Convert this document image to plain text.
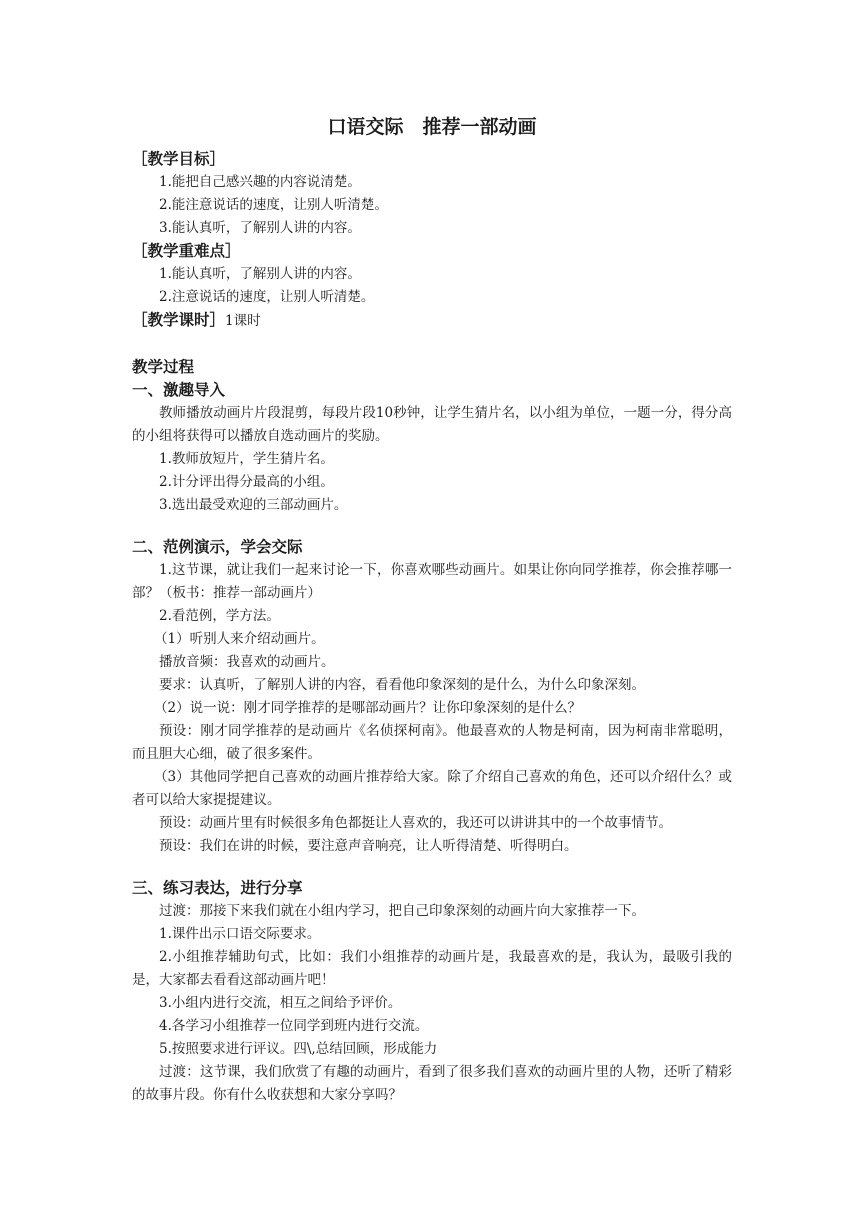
口语交际　推荐一部动画
［教学目标］
1.能把自己感兴趣的内容说清楚。
2.能注意说话的速度，让别人听清楚。
3.能认真听，了解别人讲的内容。
［教学重难点］
1.能认真听，了解别人讲的内容。
2.注意说话的速度，让别人听清楚。
［教学课时］1课时
教学过程
一、激趣导入
教师播放动画片片段混剪，每段片段10秒钟，让学生猜片名，以小组为单位，一题一分，得分高的小组将获得可以播放自选动画片的奖励。
1.教师放短片，学生猜片名。
2.计分评出得分最高的小组。
3.选出最受欢迎的三部动画片。
二、范例演示，学会交际
1.这节课，就让我们一起来讨论一下，你喜欢哪些动画片。如果让你向同学推荐，你会推荐哪一部？（板书：推荐一部动画片）
2.看范例，学方法。
（1）听别人来介绍动画片。
播放音频：我喜欢的动画片。
要求：认真听，了解别人讲的内容，看看他印象深刻的是什么，为什么印象深刻。
（2）说一说：刚才同学推荐的是哪部动画片？让你印象深刻的是什么？
预设：刚才同学推荐的是动画片《名侦探柯南》。他最喜欢的人物是柯南，因为柯南非常聪明，而且胆大心细，破了很多案件。
（3）其他同学把自己喜欢的动画片推荐给大家。除了介绍自己喜欢的角色，还可以介绍什么？或者可以给大家提提建议。
预设：动画片里有时候很多角色都挺让人喜欢的，我还可以讲讲其中的一个故事情节。
预设：我们在讲的时候，要注意声音响亮，让人听得清楚、听得明白。
三、练习表达，进行分享
过渡：那接下来我们就在小组内学习，把自己印象深刻的动画片向大家推荐一下。
1.课件出示口语交际要求。
2.小组推荐辅助句式，比如：我们小组推荐的动画片是，我最喜欢的是，我认为，最吸引我的是，大家都去看看这部动画片吧！
3.小组内进行交流，相互之间给予评价。
4.各学习小组推荐一位同学到班内进行交流。
5.按照要求进行评议。四\,总结回顾，形成能力
过渡：这节课，我们欣赏了有趣的动画片，看到了很多我们喜欢的动画片里的人物，还听了精彩的故事片段。你有什么收获想和大家分享吗？
